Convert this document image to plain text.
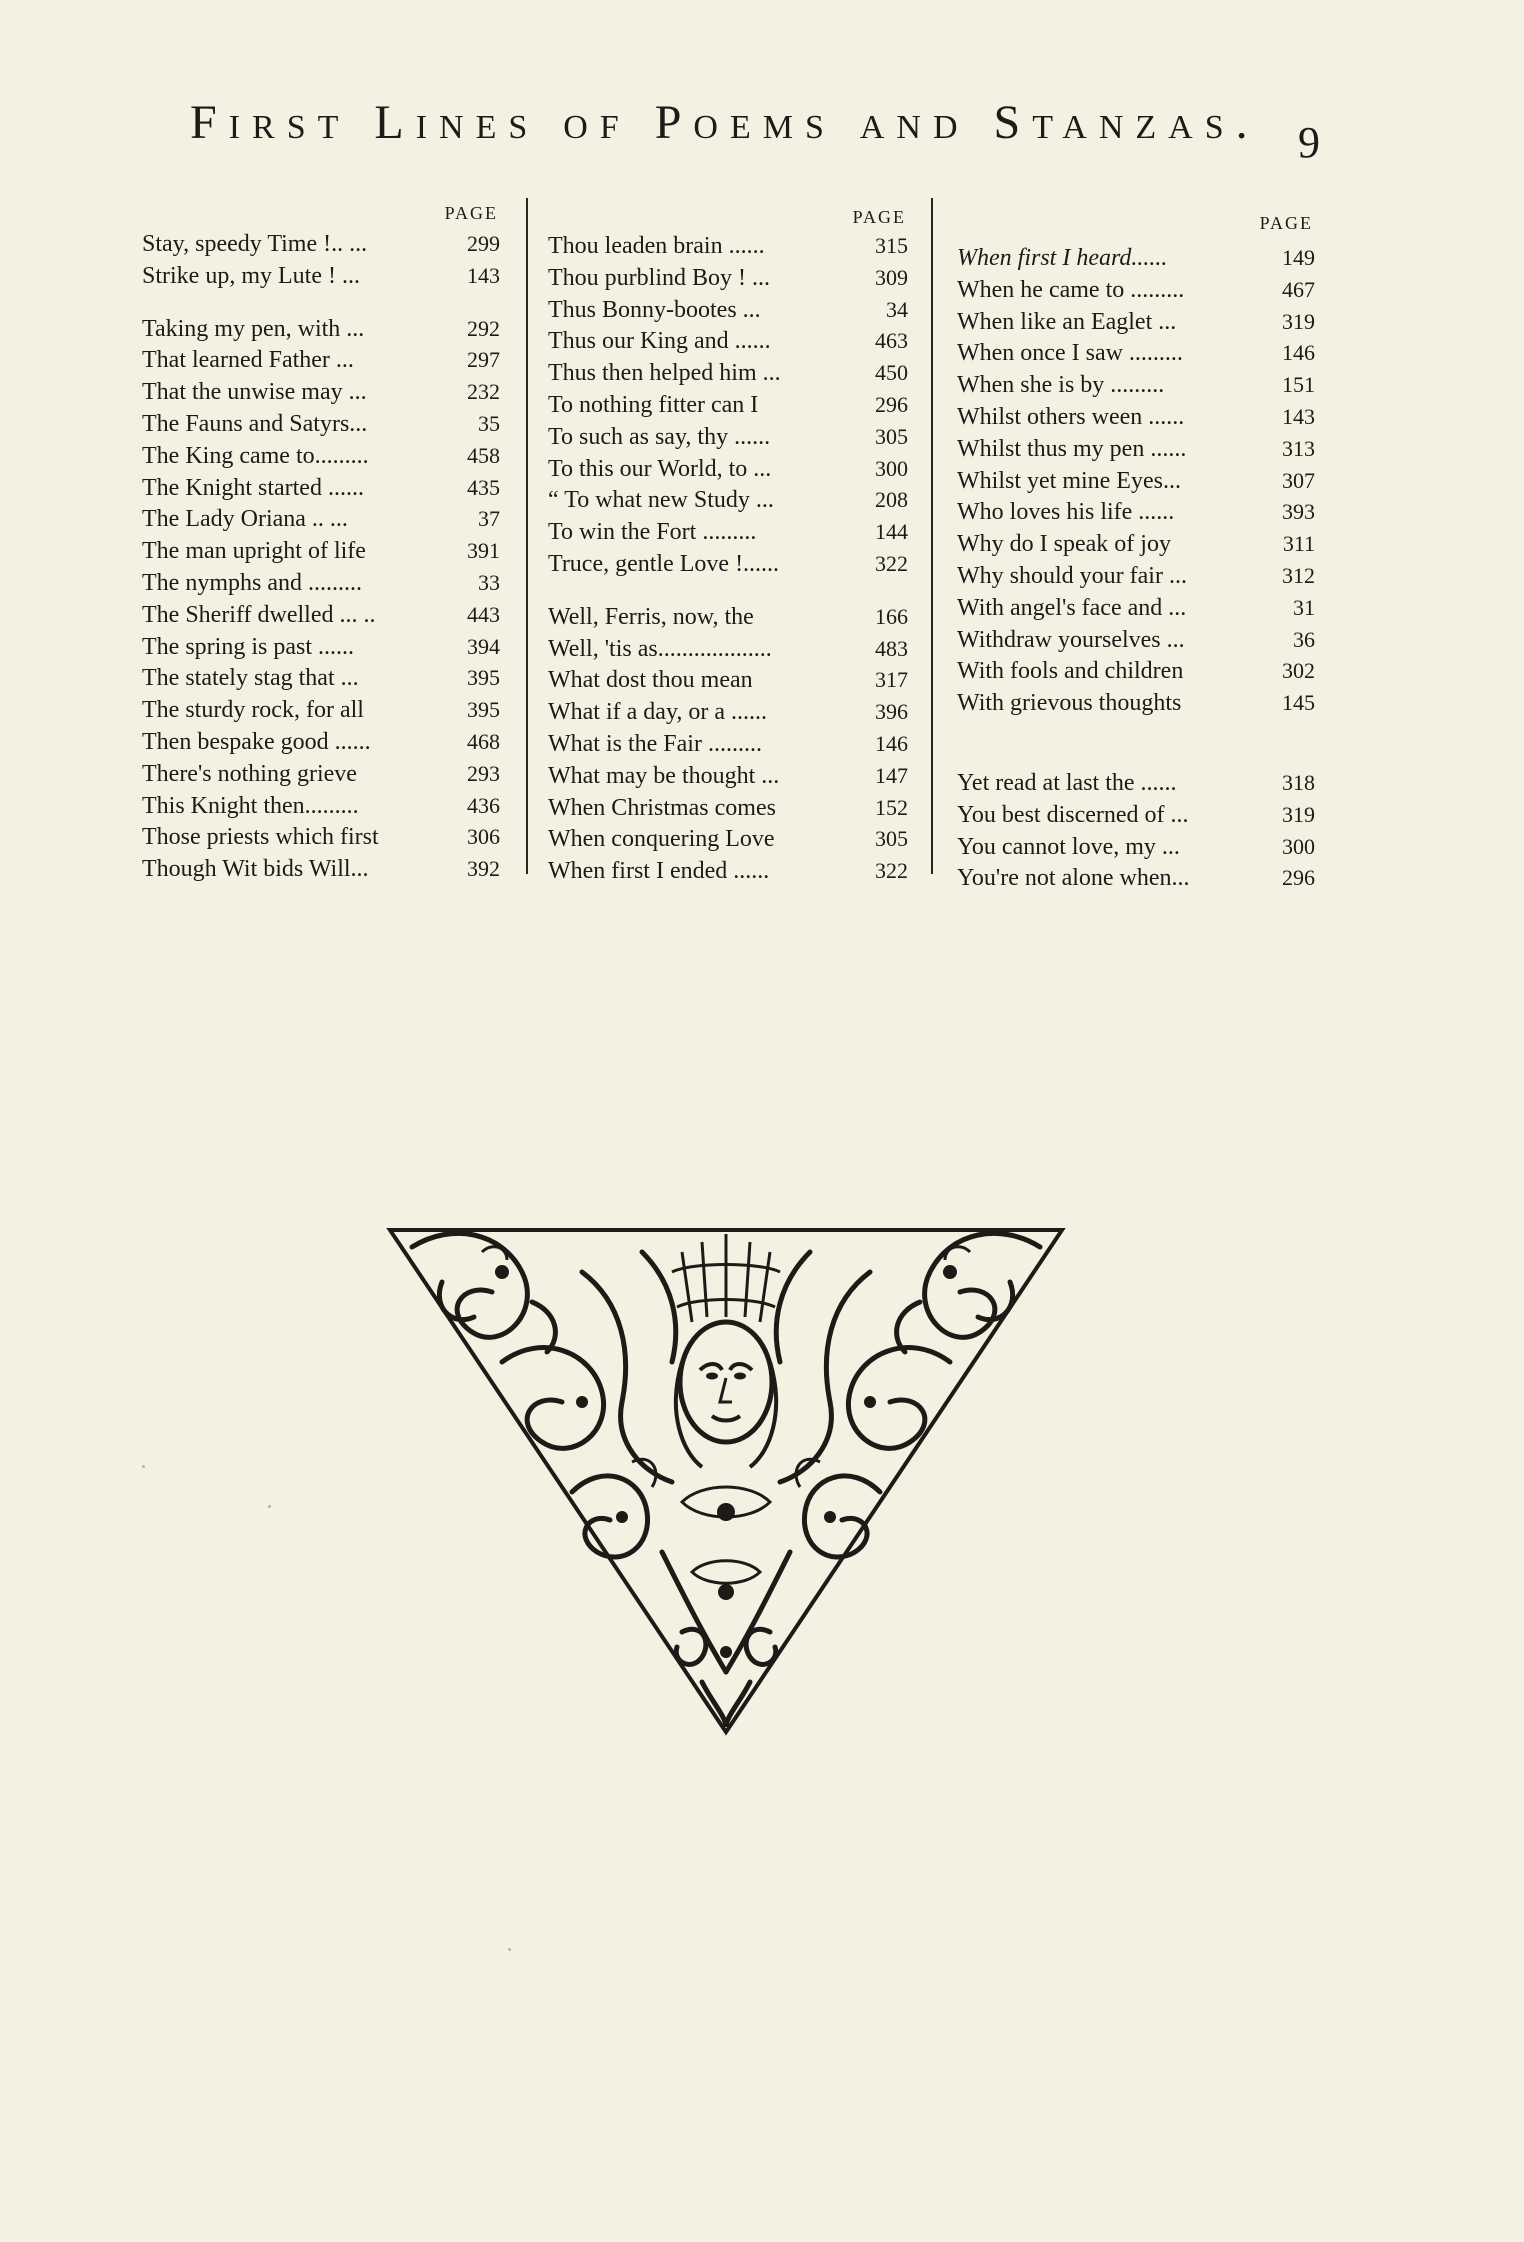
First Lines of Poems and Stanzas. 9
PAGE
Stay, speedy Time !.. ...	299
Strike up, my Lute ! ...	143
Taking my pen, with ...	292
That learned Father ...	297
That the unwise may ...	232
The Fauns and Satyrs...	35
The King came to.........	458
The Knight started ......	435
The Lady Oriana .. ...	37
The man upright of life	391
The nymphs and .........	33
The Sheriff dwelled ... ..	443
The spring is past ......	394
The stately stag that ...	395
The sturdy rock, for all	395
Then bespake good ......	468
There's nothing grieve	293
This Knight then.........	436
Those priests which first	306
Though Wit bids Will...	392
PAGE
Thou leaden brain ......	315
Thou purblind Boy ! ...	309
Thus Bonny-bootes ...	34
Thus our King and ......	463
Thus then helped him ...	450
To nothing fitter can I	296
To such as say, thy ......	305
To this our World, to ...	300
“ To what new Study ...	208
To win the Fort .........	144
Truce, gentle Love !......	322
Well, Ferris, now, the	166
Well, 'tis as...................	483
What dost thou mean	317
What if a day, or a ......	396
What is the Fair .........	146
What may be thought ...	147
When Christmas comes	152
When conquering Love	305
When first I ended ......	322
PAGE
When first I heard......	149
When he came to .........	467
When like an Eaglet ...	319
When once I saw .........	146
When she is by .........	151
Whilst others ween ......	143
Whilst thus my pen ......	313
Whilst yet mine Eyes...	307
Who loves his life ......	393
Why do I speak of joy	311
Why should your fair ...	312
With angel's face and ...	31
Withdraw yourselves ...	36
With fools and children	302
With grievous thoughts	145
Yet read at last the ......	318
You best discerned of ...	319
You cannot love, my ...	300
You're not alone when...	296
